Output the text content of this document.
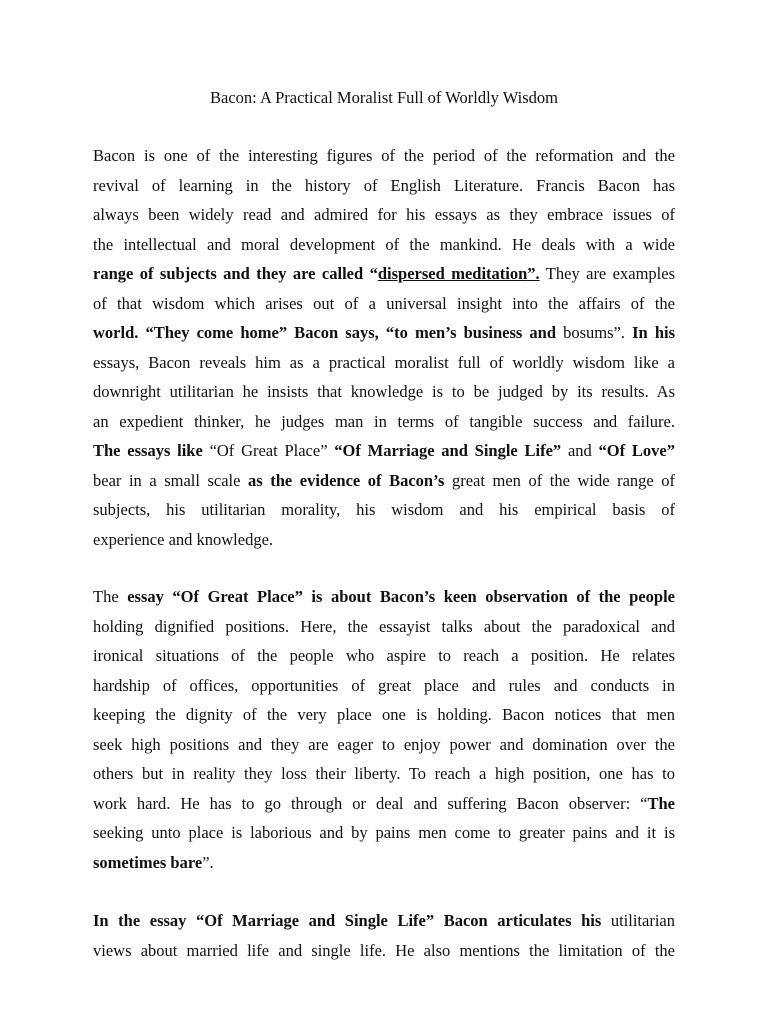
Bacon: A Practical Moralist Full of Worldly Wisdom
Bacon is one of the interesting figures of the period of the reformation and the
revival of learning in the history of English Literature. Francis Bacon has
always been widely read and admired for his essays as they embrace issues of
the intellectual and moral development of the mankind. He deals with a wide
range of subjects and they are called “dispersed meditation”. They are examples
of that wisdom which arises out of a universal insight into the affairs of the
world. “They come home” Bacon says, “to men’s business and bosums”. In his
essays, Bacon reveals him as a practical moralist full of worldly wisdom like a
downright utilitarian he insists that knowledge is to be judged by its results. As
an expedient thinker, he judges man in terms of tangible success and failure.
The essays like “Of Great Place” “Of Marriage and Single Life” and “Of Love”
bear in a small scale as the evidence of Bacon’s great men of the wide range of
subjects, his utilitarian morality, his wisdom and his empirical basis of
experience and knowledge.
The essay “Of Great Place” is about Bacon’s keen observation of the people
holding dignified positions. Here, the essayist talks about the paradoxical and
ironical situations of the people who aspire to reach a position. He relates
hardship of offices, opportunities of great place and rules and conducts in
keeping the dignity of the very place one is holding. Bacon notices that men
seek high positions and they are eager to enjoy power and domination over the
others but in reality they loss their liberty. To reach a high position, one has to
work hard. He has to go through or deal and suffering Bacon observer: “The
seeking unto place is laborious and by pains men come to greater pains and it is
sometimes bare”.
In the essay “Of Marriage and Single Life” Bacon articulates his utilitarian
views about married life and single life. He also mentions the limitation of the
